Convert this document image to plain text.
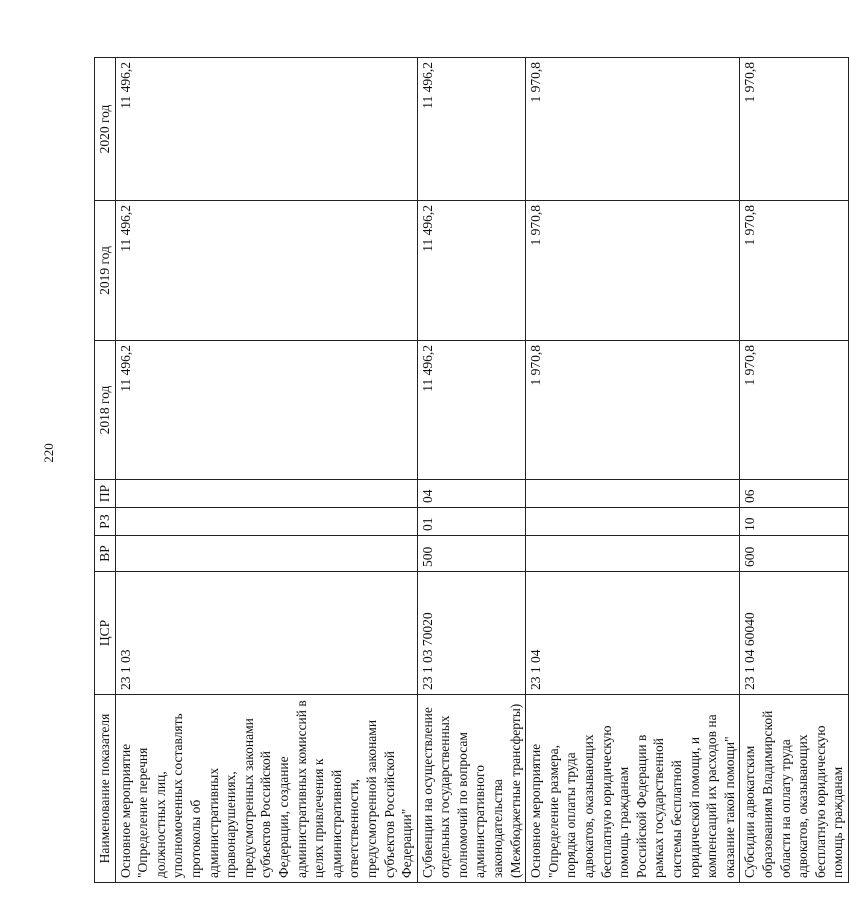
220
Наименование показателя	ЦСР	ВР	РЗ	ПР	2018 год	2019 год	2020 год
Основное мероприятие "Определение перечня должностных лиц, уполномоченных составлять протоколы об административных правонарушениях, предусмотренных законами субъектов Российской Федерации, создание административных комиссий в целях привлечения к административной ответственности, предусмотренной законами субъектов Российской Федерации"	23 1 03				11 496,2	11 496,2	11 496,2
Субвенции на осуществление отдельных государственных полномочий по вопросам административного законодательства (Межбюджетные трансферты)	23 1 03 70020	500	01	04	11 496,2	11 496,2	11 496,2
Основное мероприятие "Определение размера, порядка оплаты труда адвокатов, оказывающих бесплатную юридическую помощь гражданам Российской Федерации в рамках государственной системы бесплатной юридической помощи, и компенсаций их расходов на оказание такой помощи"	23 1 04				1 970,8	1 970,8	1 970,8
Субсидии адвокатским образованиям Владимирской области на оплату труда адвокатов, оказывающих бесплатную юридическую помощь гражданам	23 1 04 60040	600	10	06	1 970,8	1 970,8	1 970,8
